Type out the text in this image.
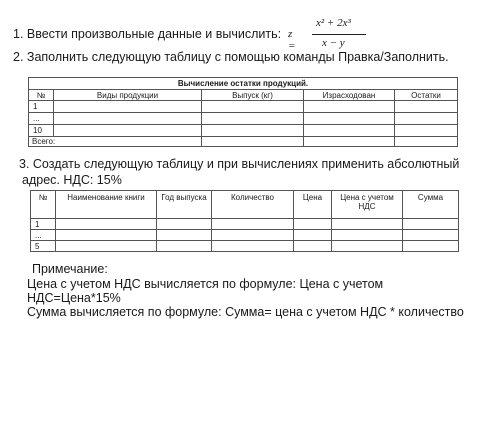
1. Ввести произвольные данные и вычислить: z =
x² + 2x³
x − y
2. Заполнить следующую таблицу с помощью команды Правка/Заполнить.
Вычисление остатки продукций.				
№	Виды продукции	Выпуск (кг)	Израсходован	Остатки
1				
...				
10				
Всего:				
3. Создать следующую таблицу и при вычислениях применить абсолютный
адрес. НДС: 15%
№	Наименование книги	Год выпуска	Количество	Цена	Цена с учетом НДС	Сумма
1						
...						
5						
Примечание:
Цена с учетом НДС вычисляется по формуле: Цена с учетом
НДС=Цена*15%
Сумма вычисляется по формуле: Сумма= цена с учетом НДС * количество
